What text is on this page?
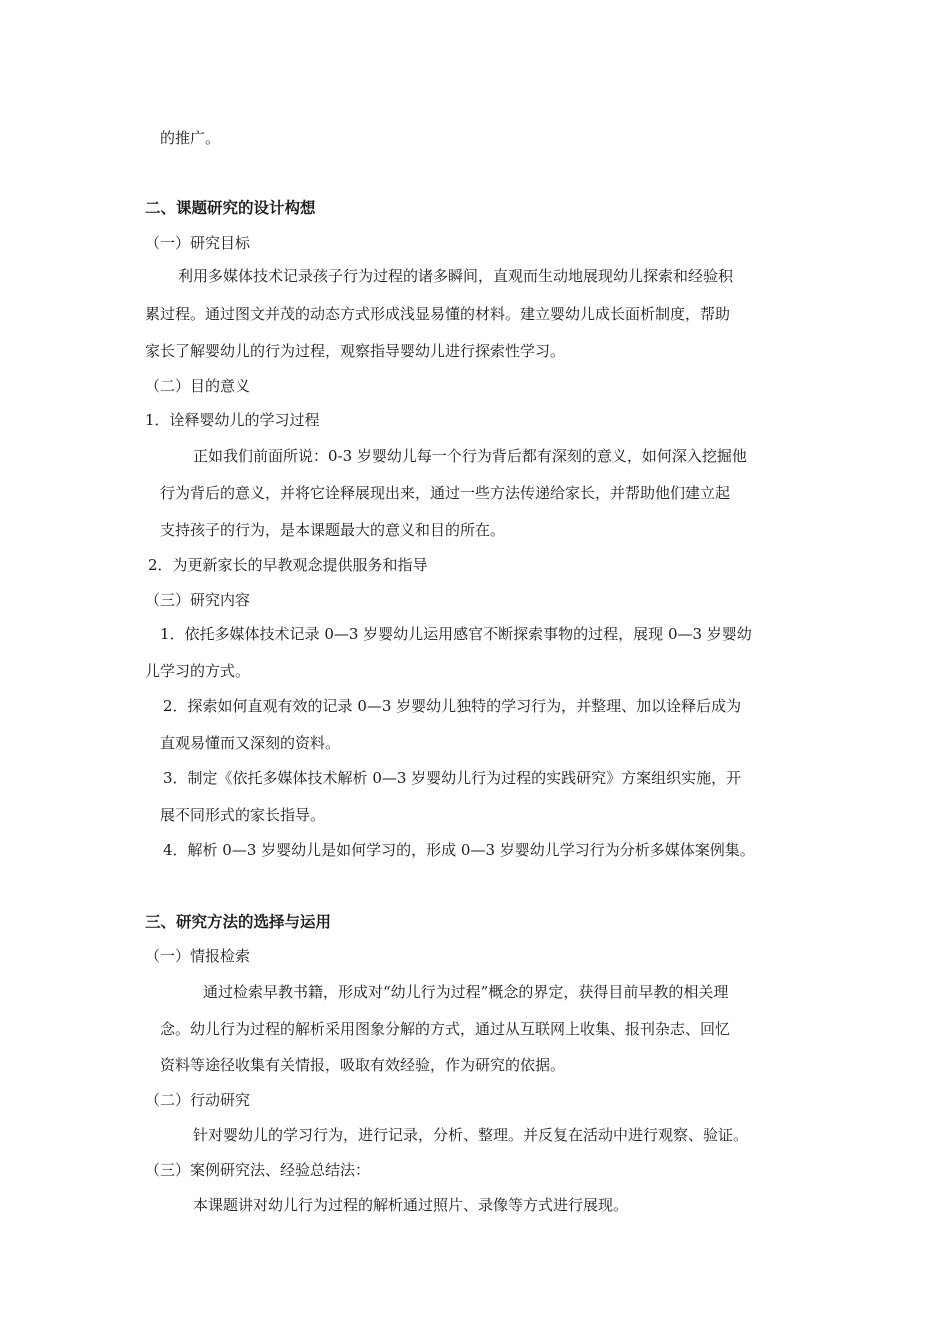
的推广。
二、课题研究的设计构想
（一）研究目标
利用多媒体技术记录孩子行为过程的诸多瞬间，直观而生动地展现幼儿探索和经验积
累过程。通过图文并茂的动态方式形成浅显易懂的材料。建立婴幼儿成长面析制度，帮助
家长了解婴幼儿的行为过程，观察指导婴幼儿进行探索性学习。
（二）目的意义
1．诠释婴幼儿的学习过程
正如我们前面所说：0-3 岁婴幼儿每一个行为背后都有深刻的意义，如何深入挖掘他
行为背后的意义，并将它诠释展现出来，通过一些方法传递给家长，并帮助他们建立起
支持孩子的行为，是本课题最大的意义和目的所在。
2．为更新家长的早教观念提供服务和指导
（三）研究内容
1．依托多媒体技术记录 0—3 岁婴幼儿运用感官不断探索事物的过程，展现 0—3 岁婴幼
儿学习的方式。
2．探索如何直观有效的记录 0—3 岁婴幼儿独特的学习行为，并整理、加以诠释后成为
直观易懂而又深刻的资料。
3．制定《依托多媒体技术解析 0—3 岁婴幼儿行为过程的实践研究》方案组织实施，开
展不同形式的家长指导。
4．解析 0—3 岁婴幼儿是如何学习的，形成 0—3 岁婴幼儿学习行为分析多媒体案例集。
三、研究方法的选择与运用
（一）情报检索
通过检索早教书籍，形成对“幼儿行为过程”概念的界定，获得目前早教的相关理
念。幼儿行为过程的解析采用图象分解的方式，通过从互联网上收集、报刊杂志、回忆
资料等途径收集有关情报，吸取有效经验，作为研究的依据。
（二）行动研究
针对婴幼儿的学习行为，进行记录，分析、整理。并反复在活动中进行观察、验证。
（三）案例研究法、经验总结法：
本课题讲对幼儿行为过程的解析通过照片、录像等方式进行展现。
